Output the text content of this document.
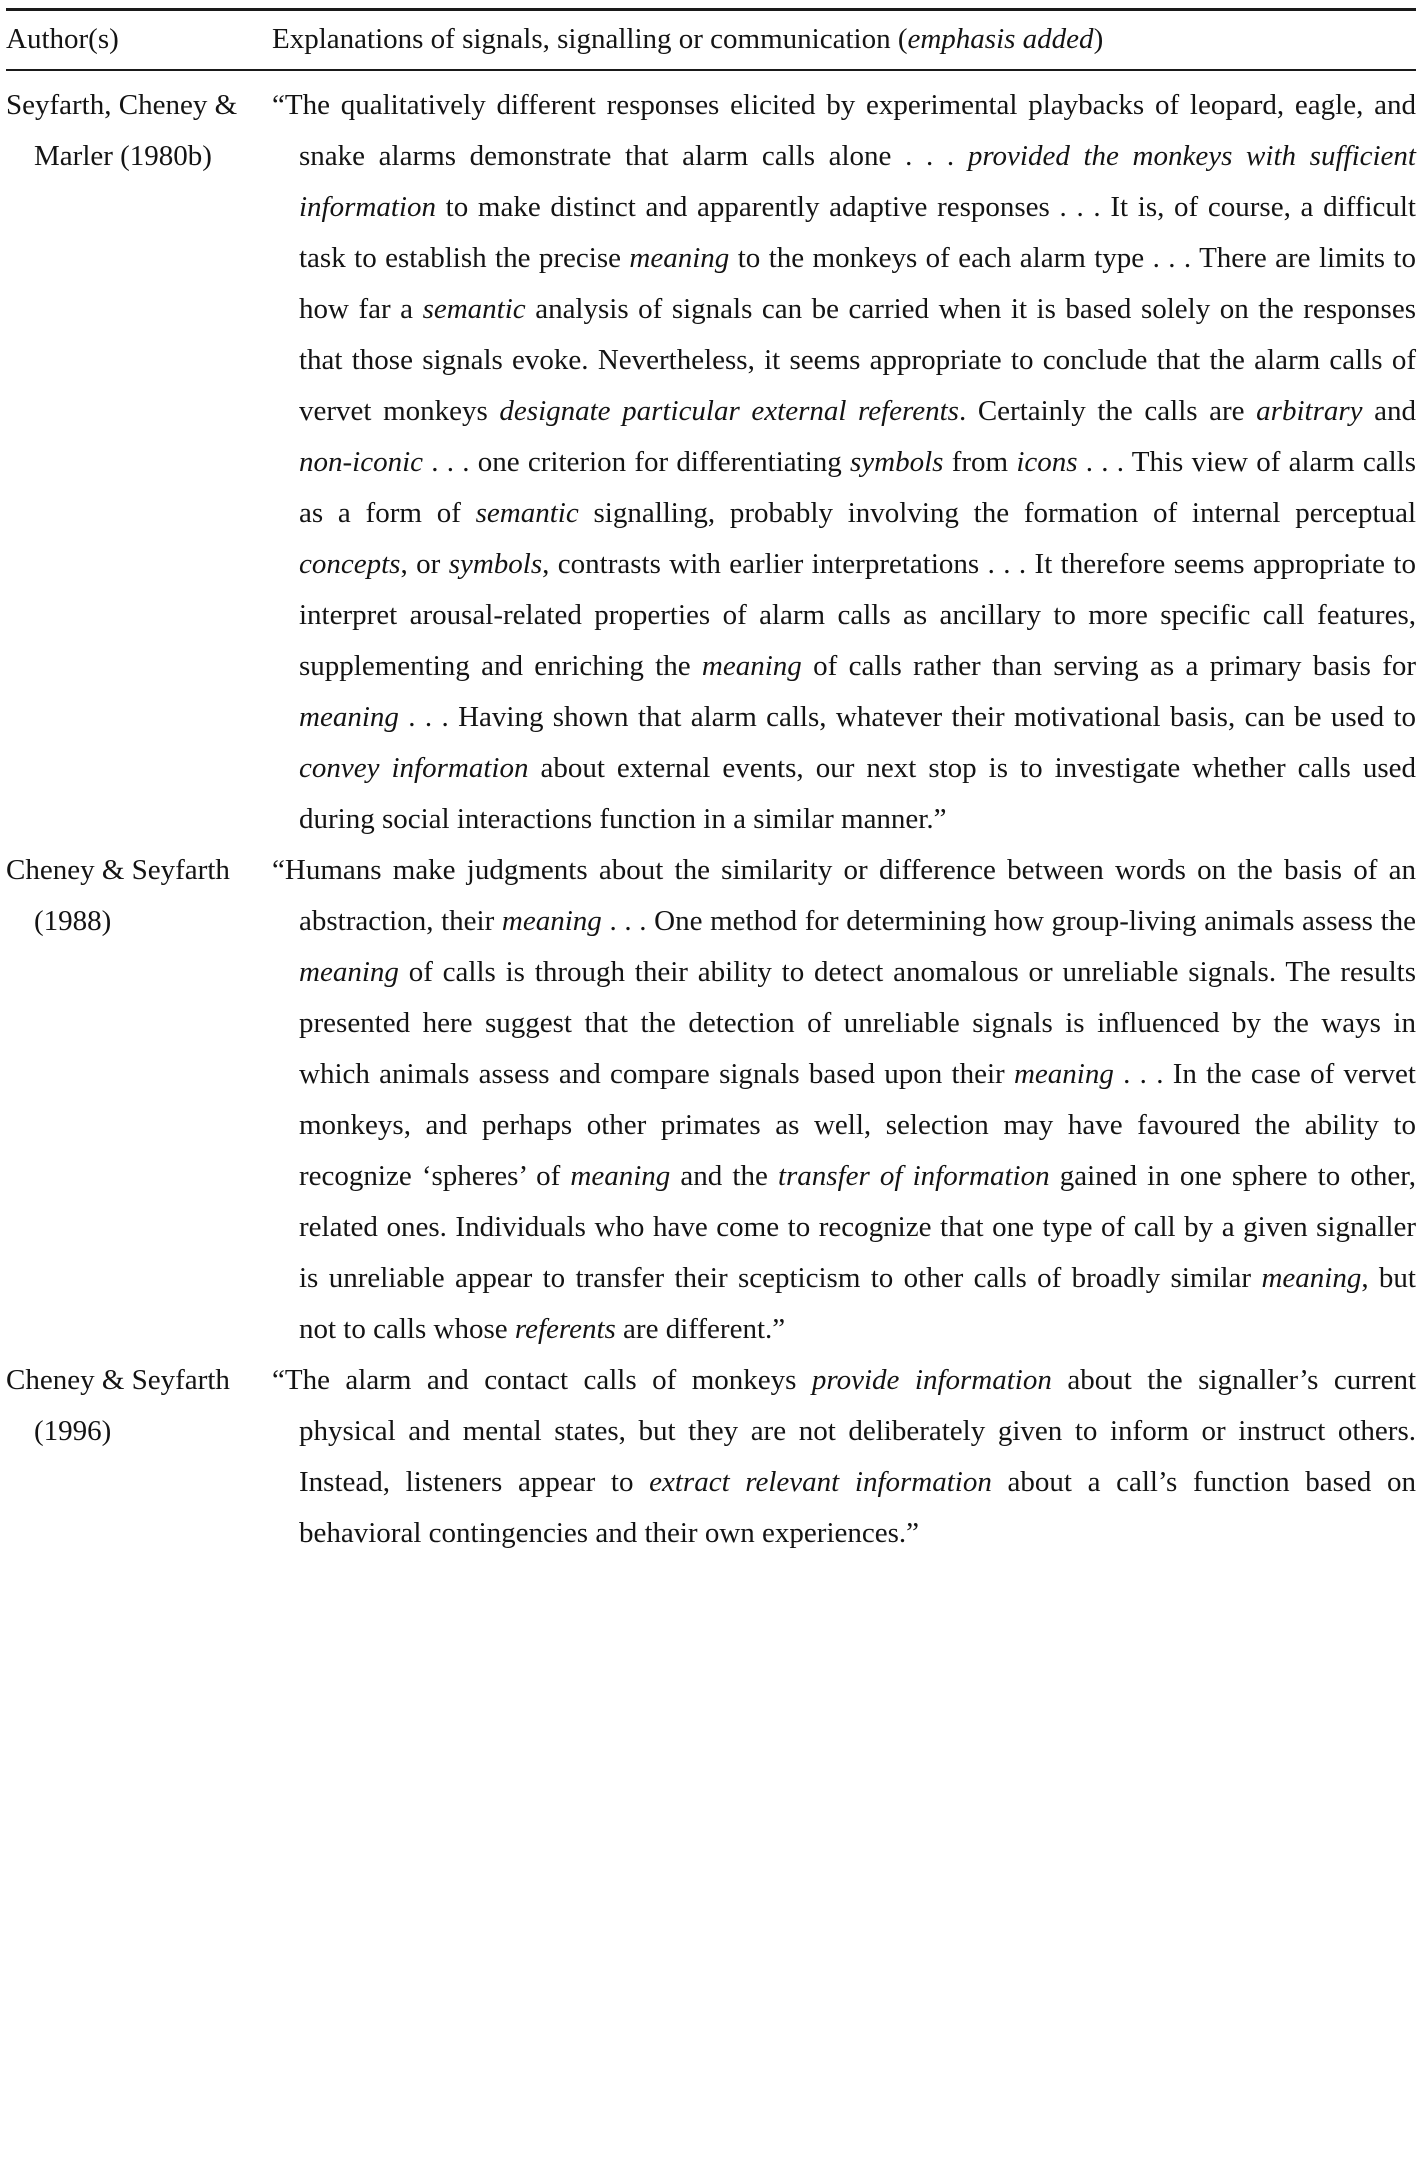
Author(s)	Explanations of signals, signalling or communication (emphasis added)
Seyfarth, Cheney & Marler (1980b)
“The qualitatively different responses elicited by experimental playbacks of leopard, eagle, and snake alarms demonstrate that alarm calls alone . . . provided the monkeys with sufficient information to make distinct and apparently adaptive responses . . . It is, of course, a difficult task to establish the precise meaning to the monkeys of each alarm type . . . There are limits to how far a semantic analysis of signals can be carried when it is based solely on the responses that those signals evoke. Nevertheless, it seems appropriate to conclude that the alarm calls of vervet monkeys designate particular external referents. Certainly the calls are arbitrary and non-iconic . . . one criterion for differentiating symbols from icons . . . This view of alarm calls as a form of semantic signalling, probably involving the formation of internal perceptual concepts, or symbols, contrasts with earlier interpretations . . . It therefore seems appropriate to interpret arousal-related properties of alarm calls as ancillary to more specific call features, supplementing and enriching the meaning of calls rather than serving as a primary basis for meaning . . . Having shown that alarm calls, whatever their motivational basis, can be used to convey information about external events, our next stop is to investigate whether calls used during social interactions function in a similar manner.”
Cheney & Seyfarth (1988)
“Humans make judgments about the similarity or difference between words on the basis of an abstraction, their meaning . . . One method for determining how group-living animals assess the meaning of calls is through their ability to detect anomalous or unreliable signals. The results presented here suggest that the detection of unreliable signals is influenced by the ways in which animals assess and compare signals based upon their meaning . . . In the case of vervet monkeys, and perhaps other primates as well, selection may have favoured the ability to recognize ‘spheres’ of meaning and the transfer of information gained in one sphere to other, related ones. Individuals who have come to recognize that one type of call by a given signaller is unreliable appear to transfer their scepticism to other calls of broadly similar meaning, but not to calls whose referents are different.”
Cheney & Seyfarth (1996)
“The alarm and contact calls of monkeys provide information about the signaller’s current physical and mental states, but they are not deliberately given to inform or instruct others. Instead, listeners appear to extract relevant information about a call’s function based on behavioral contingencies and their own experiences.”
